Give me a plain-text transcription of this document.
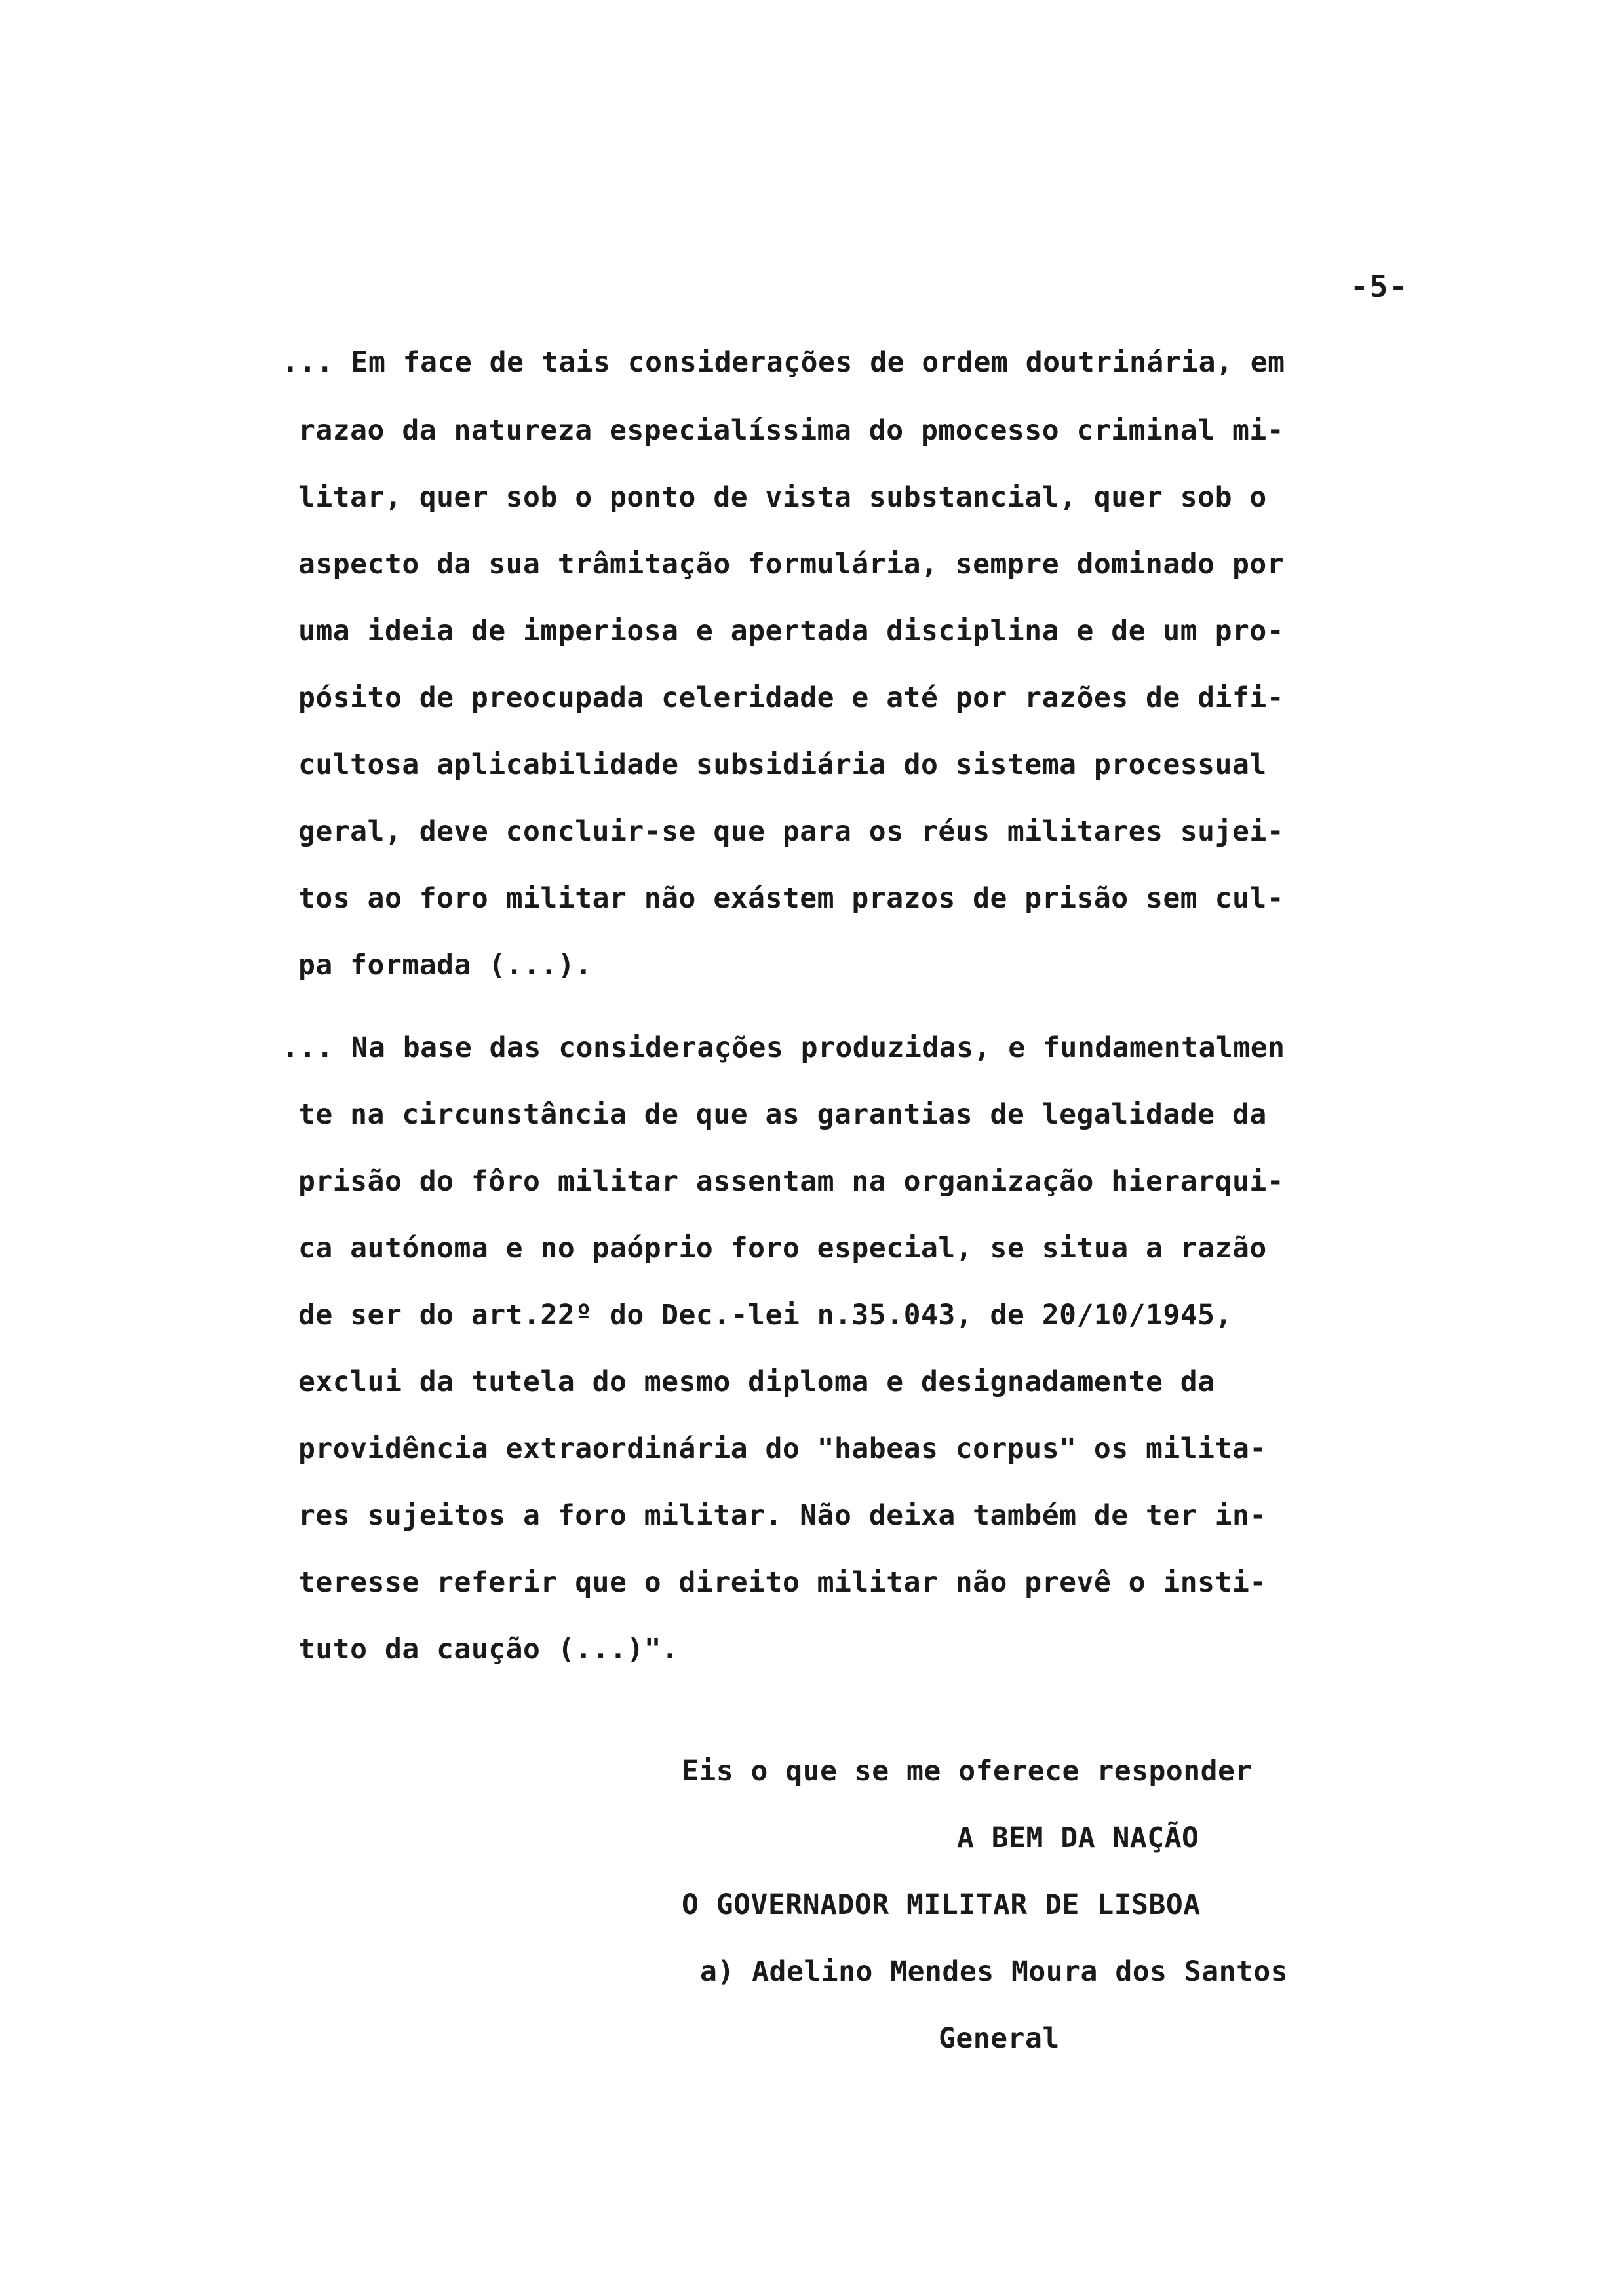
-5-
... Em face de tais considerações de ordem doutrinária, em
razao da natureza especialíssima do pmocesso criminal mi-
litar, quer sob o ponto de vista substancial, quer sob o
aspecto da sua trâmitação formulária, sempre dominado por
uma ideia de imperiosa e apertada disciplina e de um pro-
pósito de preocupada celeridade e até por razões de difi-
cultosa aplicabilidade subsidiária do sistema processual
geral, deve concluir-se que para os réus militares sujei-
tos ao foro militar não exástem prazos de prisão sem cul-
pa formada (...).
... Na base das considerações produzidas, e fundamentalmen
te na circunstância de que as garantias de legalidade da
prisão do fôro militar assentam na organização hierarqui-
ca autónoma e no paóprio foro especial, se situa a razão
de ser do art.22º do Dec.-lei n.35.043, de 20/10/1945,
exclui da tutela do mesmo diploma e designadamente da
providência extraordinária do "habeas corpus" os militа-
res sujeitos a foro militar. Não deixa também de ter in-
teresse referir que o direito militar não prevê o insti-
tuto da caução (...)".
Eis o que se me oferece responder
A BEM DA NAÇÃO
O GOVERNADOR MILITAR DE LISBOA
a) Adelino Mendes Moura dos Santos
General
